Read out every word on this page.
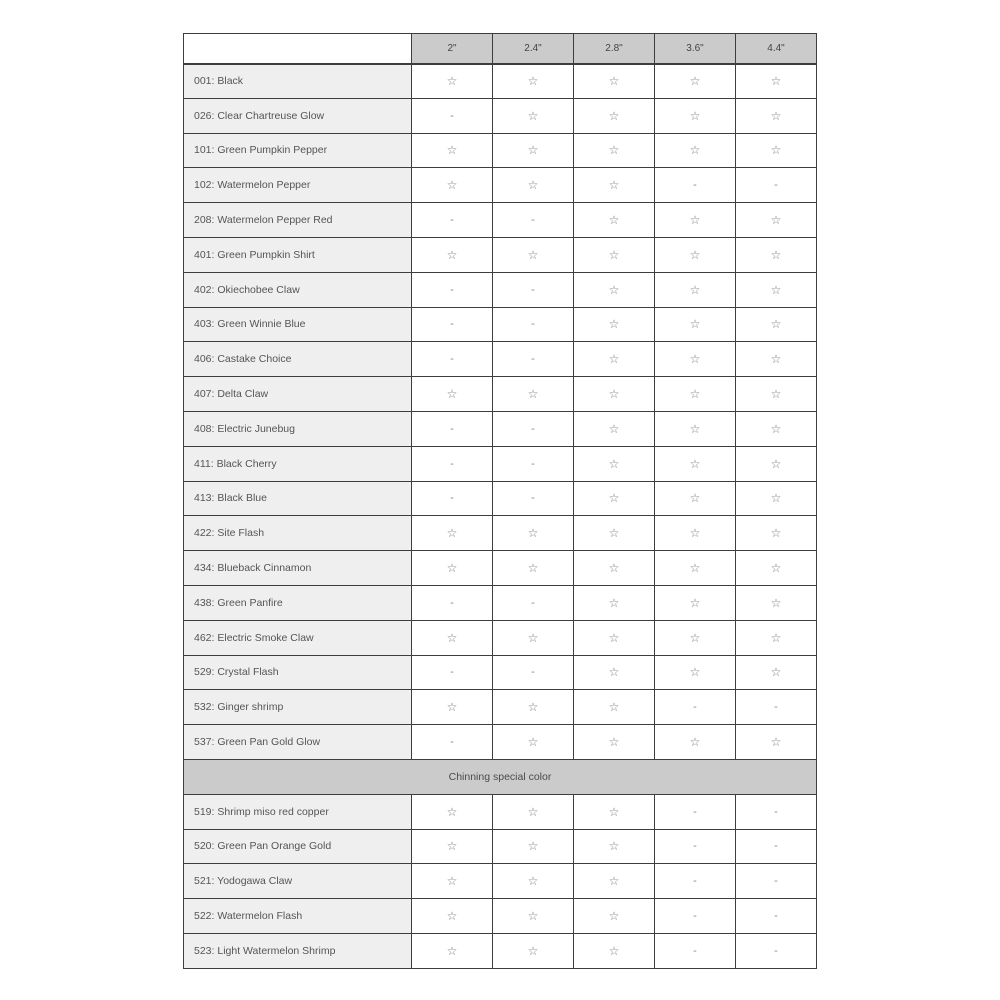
	2"	2.4"	2.8"	3.6"	4.4"
001: Black	☆	☆	☆	☆	☆
026: Clear Chartreuse Glow	-	☆	☆	☆	☆
101: Green Pumpkin Pepper	☆	☆	☆	☆	☆
102: Watermelon Pepper	☆	☆	☆	-	-
208: Watermelon Pepper Red	-	-	☆	☆	☆
401: Green Pumpkin Shirt	☆	☆	☆	☆	☆
402: Okiechobee Claw	-	-	☆	☆	☆
403: Green Winnie Blue	-	-	☆	☆	☆
406: Castake Choice	-	-	☆	☆	☆
407: Delta Claw	☆	☆	☆	☆	☆
408: Electric Junebug	-	-	☆	☆	☆
411: Black Cherry	-	-	☆	☆	☆
413: Black Blue	-	-	☆	☆	☆
422: Site Flash	☆	☆	☆	☆	☆
434: Blueback Cinnamon	☆	☆	☆	☆	☆
438: Green Panfire	-	-	☆	☆	☆
462: Electric Smoke Claw	☆	☆	☆	☆	☆
529: Crystal Flash	-	-	☆	☆	☆
532: Ginger shrimp	☆	☆	☆	-	-
537: Green Pan Gold Glow	-	☆	☆	☆	☆
Chinning special color					
519: Shrimp miso red copper	☆	☆	☆	-	-
520: Green Pan Orange Gold	☆	☆	☆	-	-
521: Yodogawa Claw	☆	☆	☆	-	-
522: Watermelon Flash	☆	☆	☆	-	-
523: Light Watermelon Shrimp	☆	☆	☆	-	-
